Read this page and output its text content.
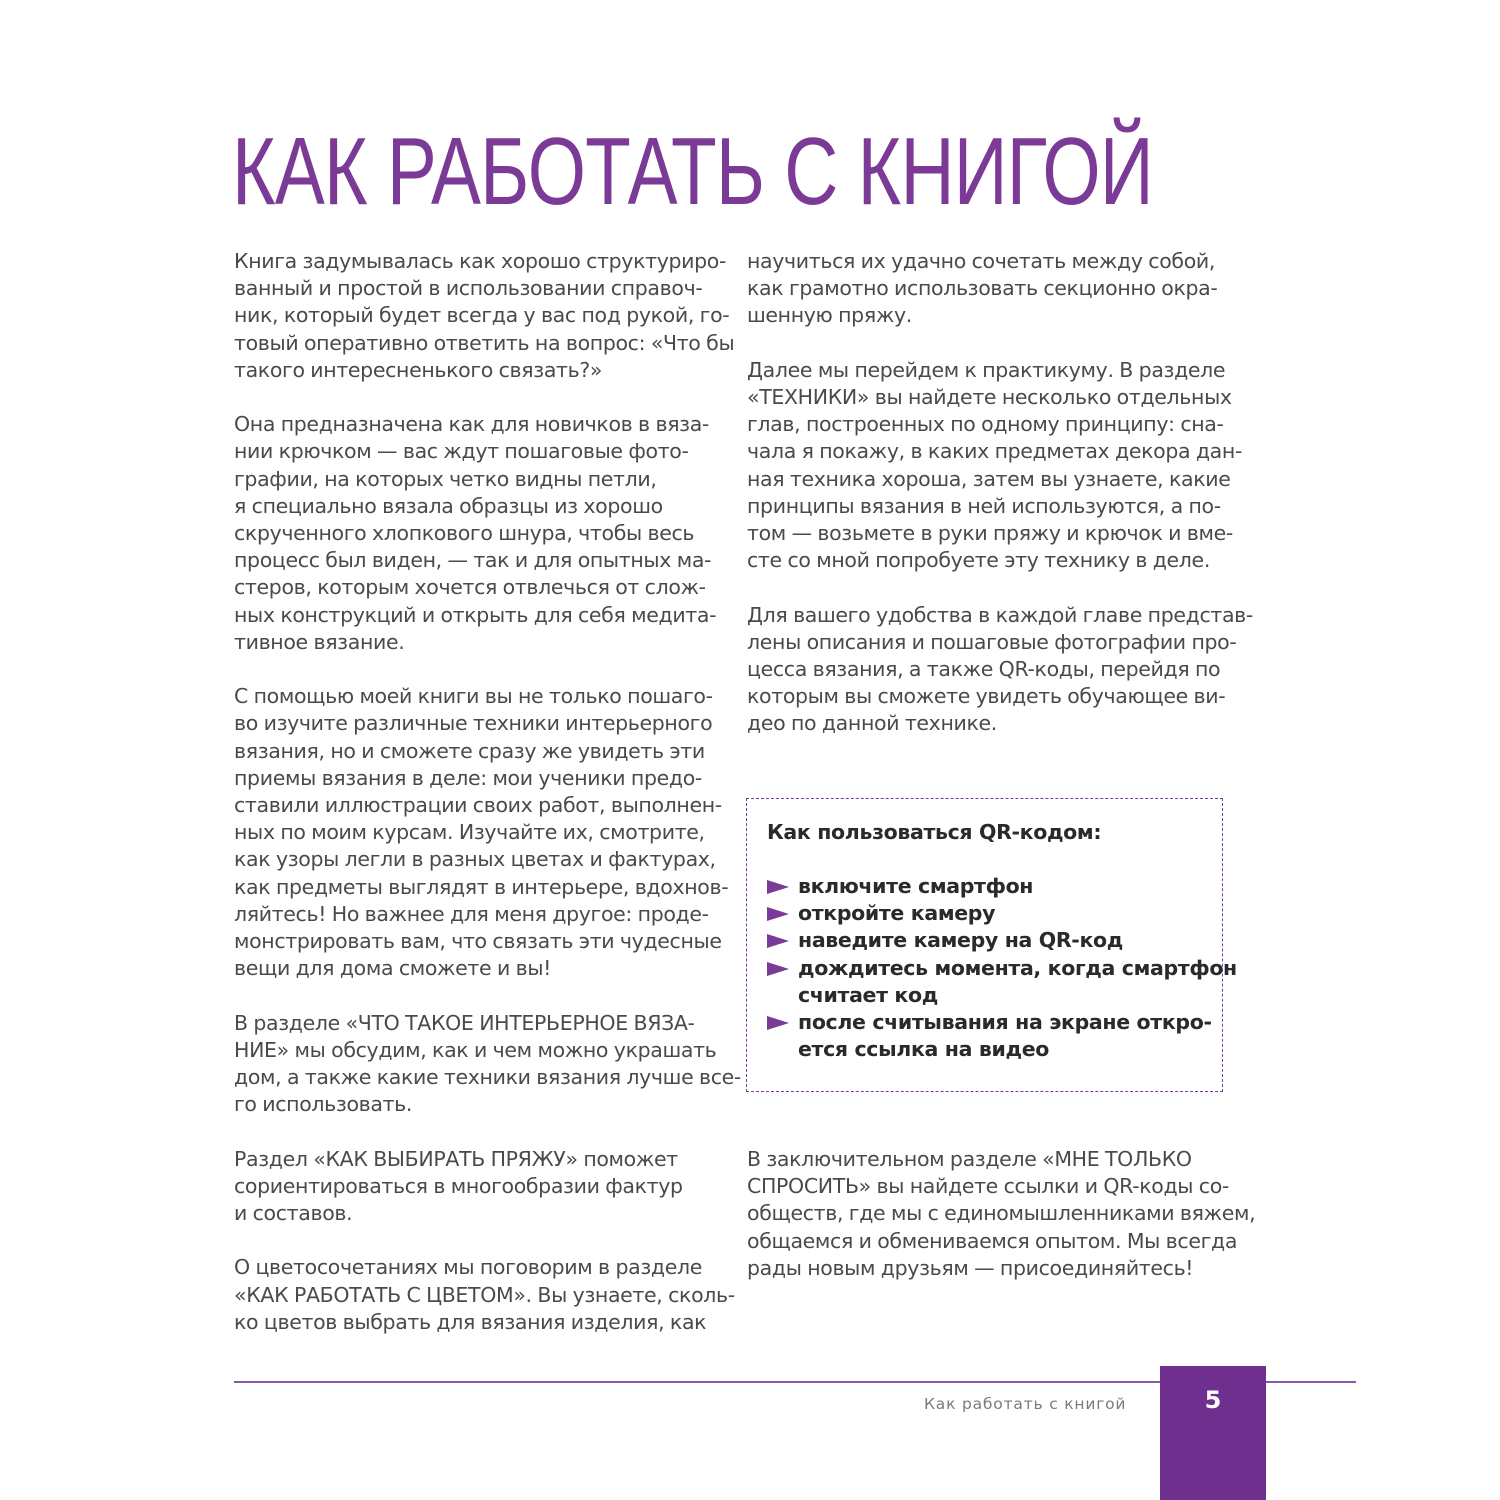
КАК РАБОТАТЬ С КНИГОЙ
Книга задумывалась как хорошо структуриро-
ванный и простой в использовании справоч-
ник, который будет всегда у вас под рукой, го-
товый оперативно ответить на вопрос: «Что бы
такого интересненького связать?»
Она предназначена как для новичков в вяза-
нии крючком — вас ждут пошаговые фото-
графии, на которых четко видны петли,
я специально вязала образцы из хорошо
скрученного хлопкового шнура, чтобы весь
процесс был виден, — так и для опытных ма-
стеров, которым хочется отвлечься от слож-
ных конструкций и открыть для себя медита-
тивное вязание.
С помощью моей книги вы не только пошаго-
во изучите различные техники интерьерного
вязания, но и сможете сразу же увидеть эти
приемы вязания в деле: мои ученики предо-
ставили иллюстрации своих работ, выполнен-
ных по моим курсам. Изучайте их, смотрите,
как узоры легли в разных цветах и фактурах,
как предметы выглядят в интерьере, вдохнов-
ляйтесь! Но важнее для меня другое: проде-
монстрировать вам, что связать эти чудесные
вещи для дома сможете и вы!
В разделе «ЧТО ТАКОЕ ИНТЕРЬЕРНОЕ ВЯЗА-
НИЕ» мы обсудим, как и чем можно украшать
дом, а также какие техники вязания лучше все-
го использовать.
Раздел «КАК ВЫБИРАТЬ ПРЯЖУ» поможет
сориентироваться в многообразии фактур
и составов.
О цветосочетаниях мы поговорим в разделе
«КАК РАБОТАТЬ С ЦВЕТОМ». Вы узнаете, сколь-
ко цветов выбрать для вязания изделия, как
научиться их удачно сочетать между собой,
как грамотно использовать секционно окра-
шенную пряжу.
Далее мы перейдем к практикуму. В разделе
«ТЕХНИКИ» вы найдете несколько отдельных
глав, построенных по одному принципу: сна-
чала я покажу, в каких предметах декора дан-
ная техника хороша, затем вы узнаете, какие
принципы вязания в ней используются, а по-
том — возьмете в руки пряжу и крючок и вме-
сте со мной попробуете эту технику в деле.
Для вашего удобства в каждой главе представ-
лены описания и пошаговые фотографии про-
цесса вязания, а также QR-коды, перейдя по
которым вы сможете увидеть обучающее ви-
део по данной технике.
Как пользоваться QR-кодом:
включите смартфон
откройте камеру
наведите камеру на QR-код
дождитесь момента, когда смартфон
считает код
после считывания на экране откро-
ется ссылка на видео
В заключительном разделе «МНЕ ТОЛЬКО
СПРОСИТЬ» вы найдете ссылки и QR-коды со-
обществ, где мы с единомышленниками вяжем,
общаемся и обмениваемся опытом. Мы всегда
рады новым друзьям — присоединяйтесь!
Как работать с книгой	5
